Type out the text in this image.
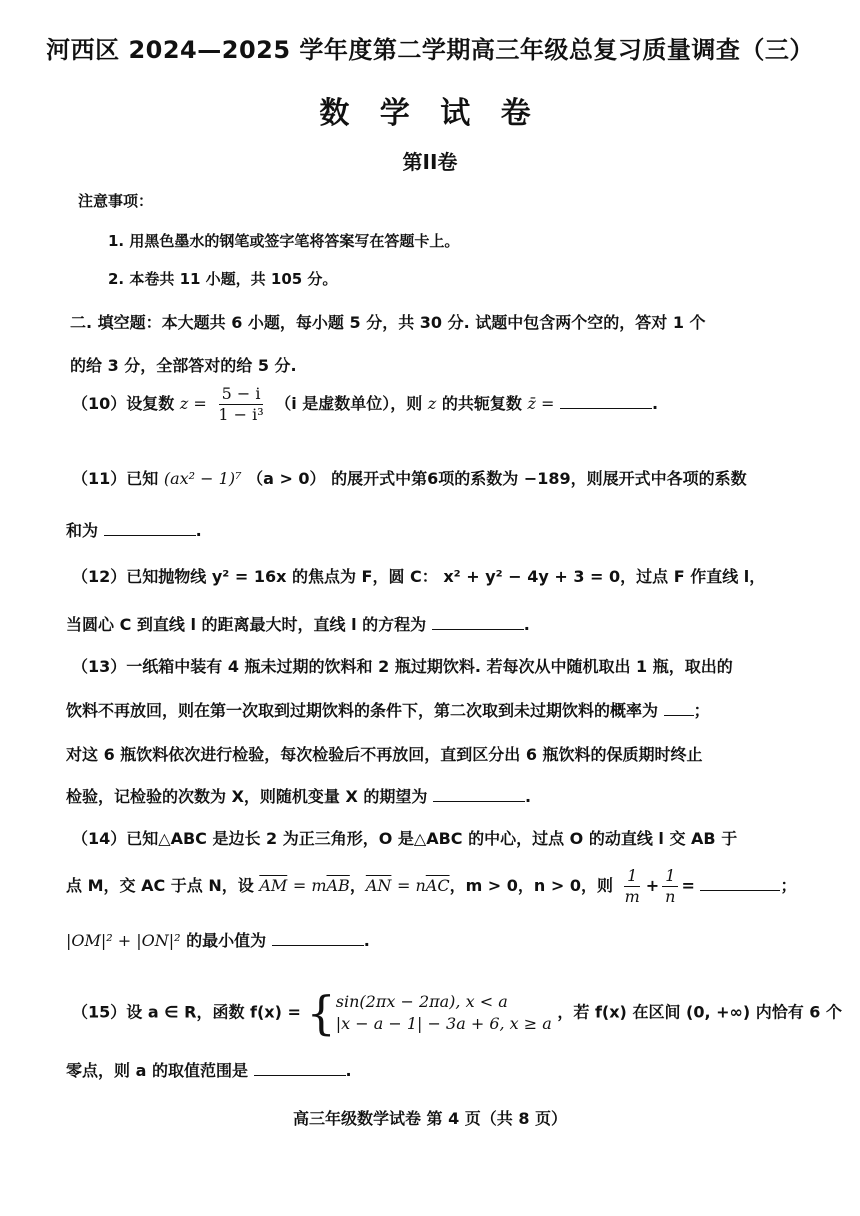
河西区 2024—2025 学年度第二学期高三年级总复习质量调查（三）
数 学 试 卷
第II卷
注意事项：
1. 用黑色墨水的钢笔或签字笔将答案写在答题卡上。
2. 本卷共 11 小题，共 105 分。
二. 填空题：本大题共 6 小题，每小题 5 分，共 30 分. 试题中包含两个空的，答对 1 个
的给 3 分，全部答对的给 5 分.
（10）设复数 $z = \frac{5 - i}{\text{1 − i³}} (i$ 是虚数单位），则 z 的共轭复数 z̄ =	.
（11）已知 (ax² − 1)⁷ （a > 0） 的展开式中第6项的系数为 −189，则展开式中各项的系数
和为	.
（12）已知抛物线 y² = 16x 的焦点为 F，圆 C： x² + y² − 4y + 3 = 0，过点 F 作直线 l，
当圆心 C 到直线 l 的距离最大时，直线 l 的方程为	.
（13）一纸箱中装有 4 瓶未过期的饮料和 2 瓶过期饮料. 若每次从中随机取出 1 瓶，取出的
饮料不再放回，则在第一次取到过期饮料的条件下，第二次取到未过期饮料的概率为 ；
对这 6 瓶饮料依次进行检验，每次检验后不再放回，直到区分出 6 瓶饮料的保质期时终止
检验，记检验的次数为 X，则随机变量 X 的期望为	.
（14）已知△ABC 是边长 2 为正三角形，O 是△ABC 的中心，过点 O 的动直线 l 交 AB 于
点 M，交 AC 于点 N，设 $\overline{AM} = m\overline{AB}$，$\overline{AN} = n\overline{AC}$，m > 0，n > 0，则 $\frac{1}{m} + \frac{1}{n}$ =	；
|OM|² + |ON|² 的最小值为	.
（15）设 a ∈ R，函数 f(x) = { sin(2πx − 2πa), x < a
|x − a − 1| − 3a + 6, x ≥ a
，若 f(x) 在区间 (0, +∞) 内恰有 6 个
零点，则 a 的取值范围是	.
高三年级数学试卷 第 4 页（共 8 页）
